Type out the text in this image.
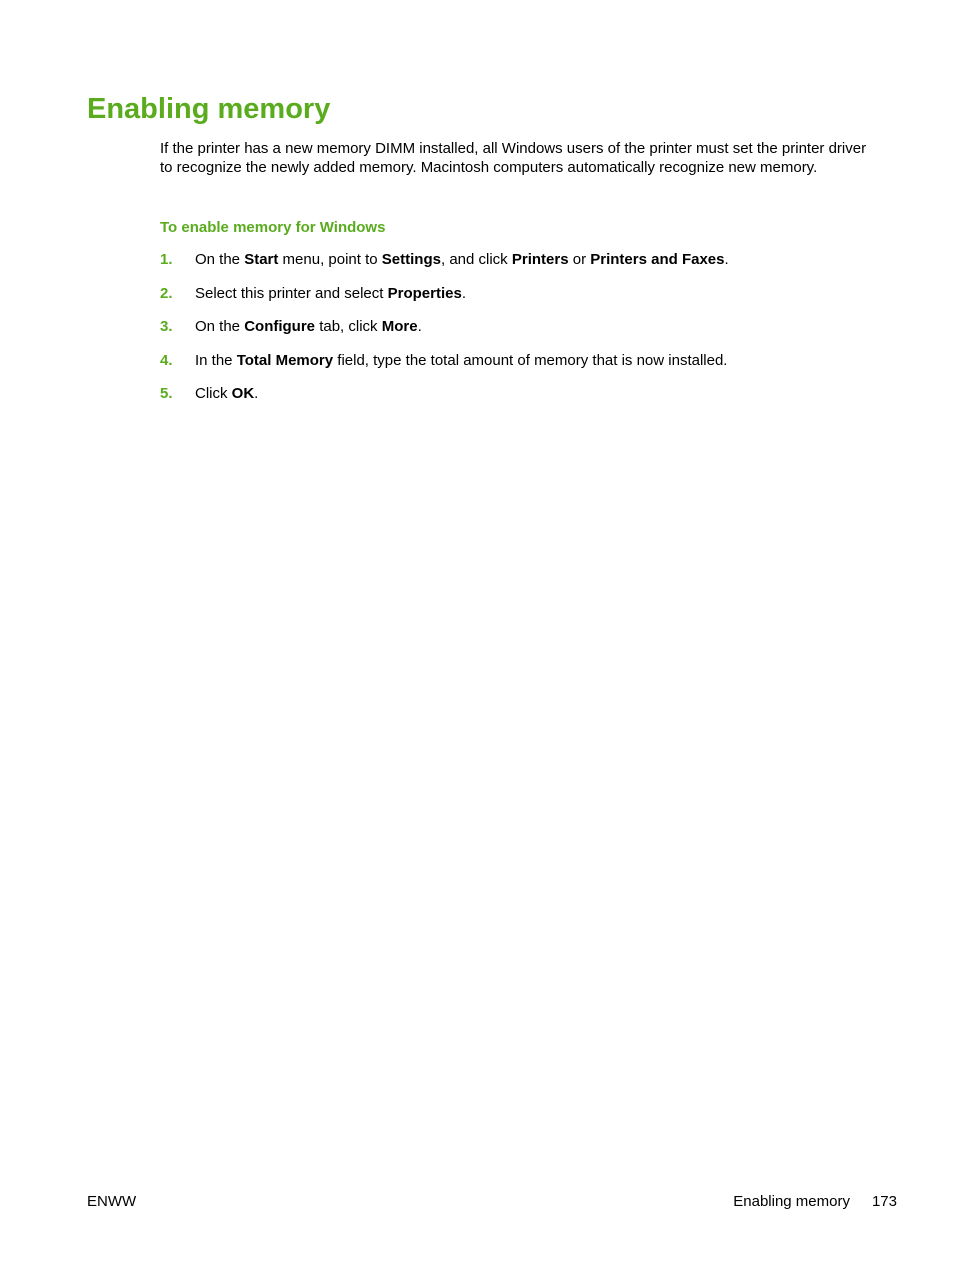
Enabling memory

If the printer has a new memory DIMM installed, all Windows users of the printer must set the printer driver to recognize the newly added memory. Macintosh computers automatically recognize new memory.

To enable memory for Windows
1. On the Start menu, point to Settings, and click Printers or Printers and Faxes.
2. Select this printer and select Properties.
3. On the Configure tab, click More.
4. In the Total Memory field, type the total amount of memory that is now installed.
5. Click OK.
ENWW	Enabling memory 173
